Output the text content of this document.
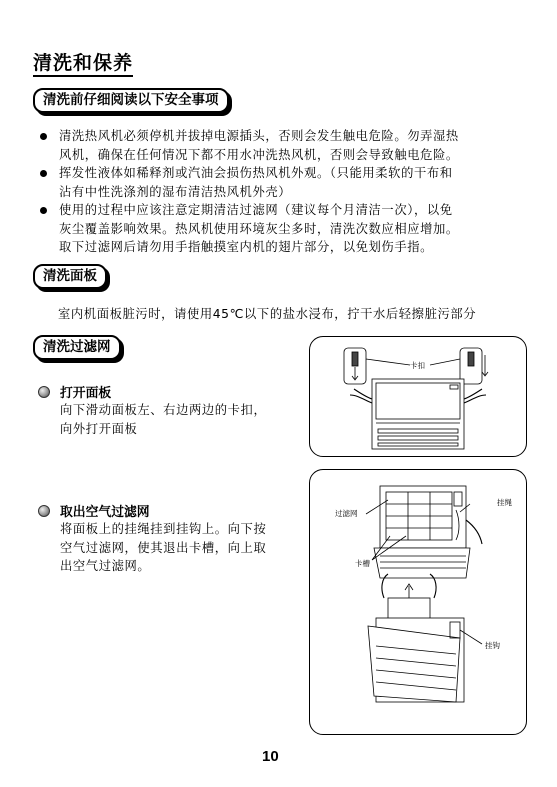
清洗和保养
清洗前仔细阅读以下安全事项
清洗热风机必须停机并拔掉电源插头，否则会发生触电危险。勿弄湿热
风机，确保在任何情况下都不用水冲洗热风机，否则会导致触电危险。
挥发性液体如稀释剂或汽油会损伤热风机外观。（只能用柔软的干布和
沾有中性洗涤剂的湿布清洁热风机外壳）
使用的过程中应该注意定期清洁过滤网（建议每个月清洁一次），以免
灰尘覆盖影响效果。热风机使用环境灰尘多时，清洗次数应相应增加。
取下过滤网后请勿用手指触摸室内机的翅片部分，以免划伤手指。
清洗面板
室内机面板脏污时，请使用45℃以下的盐水浸布，拧干水后轻擦脏污部分
清洗过滤网
打开面板
向下滑动面板左、右边两边的卡扣，
向外打开面板
取出空气过滤网
将面板上的挂绳挂到挂钩上。向下按
空气过滤网，使其退出卡槽，向上取
出空气过滤网。
卡扣
过滤网
挂绳
卡槽
挂钩
10
